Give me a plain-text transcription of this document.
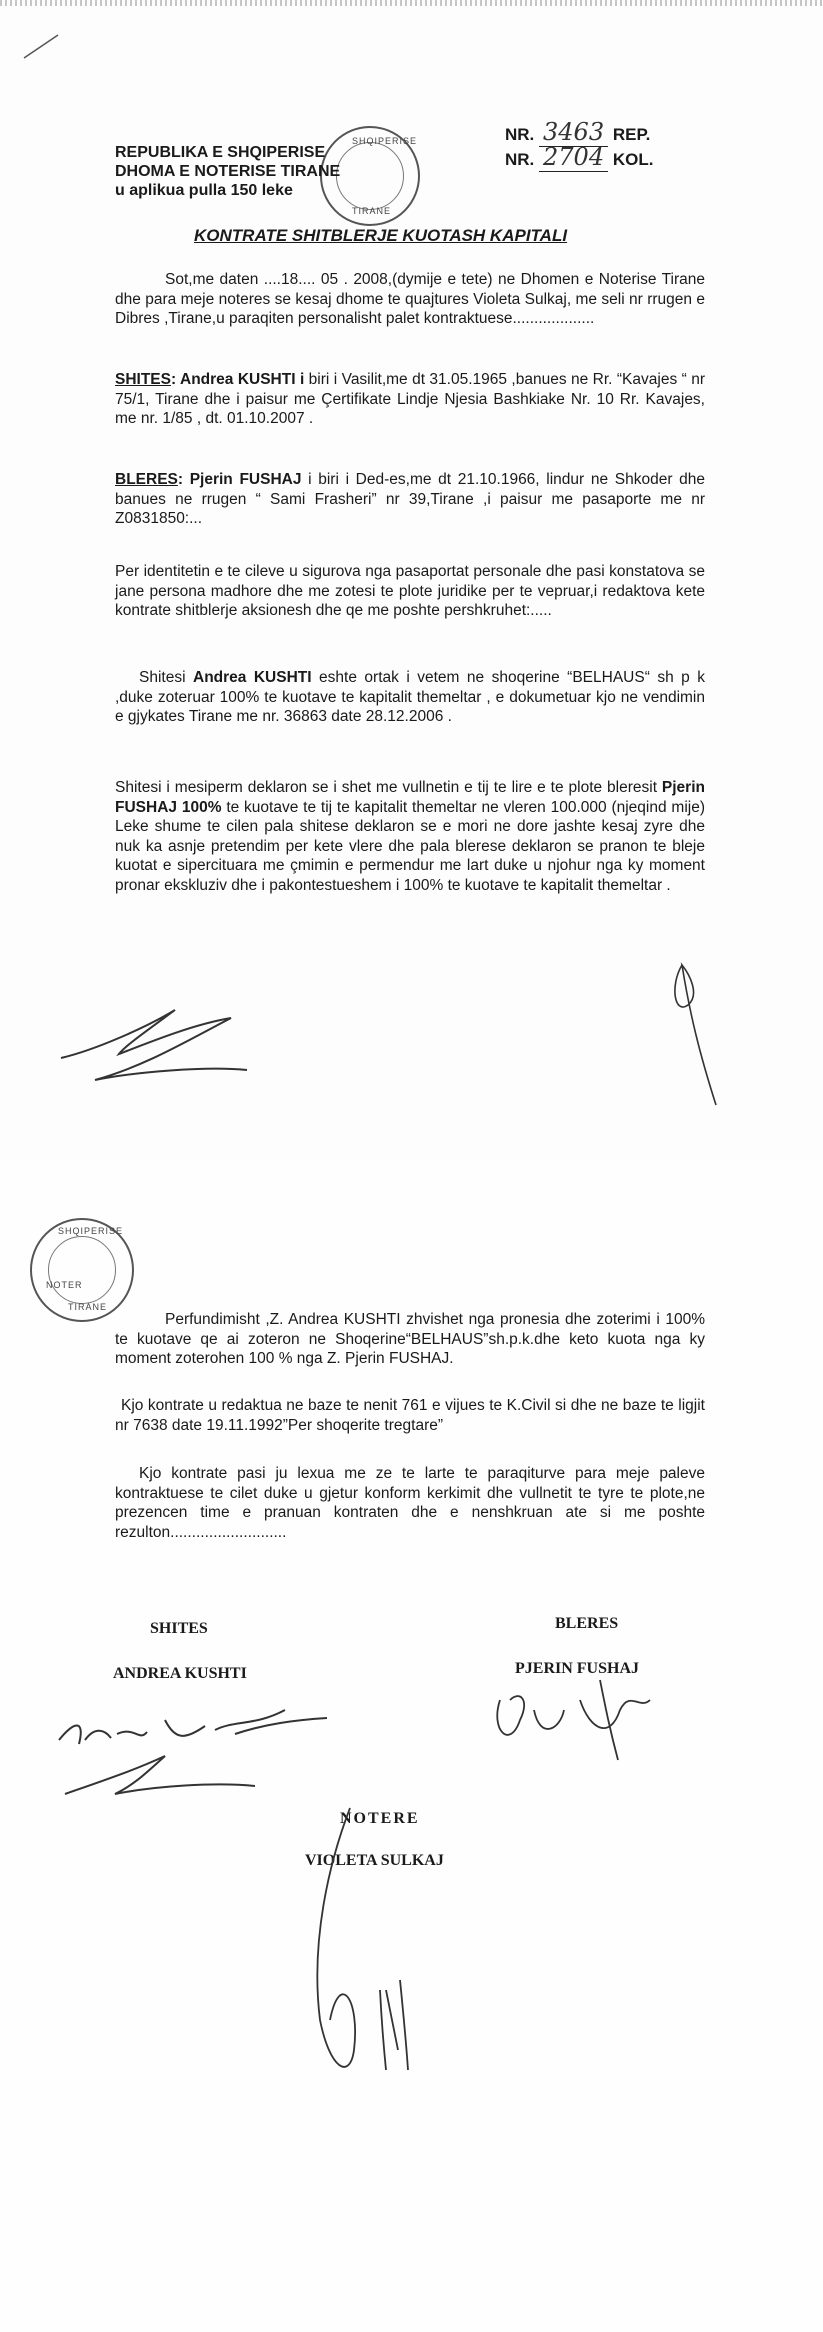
SHQIPERISE
TIRANE
REPUBLIKA E SHQIPERISE
DHOMA E NOTERISE TIRANE
u aplikua pulla 150 leke
NR. 3463 REP.
NR. 2704 KOL.
KONTRATE SHITBLERJE KUOTASH KAPITALI
Sot,me daten ....18.... 05 . 2008,(dymije e tete) ne Dhomen e Noterise Tirane dhe para meje noteres se kesaj dhome te quajtures Violeta Sulkaj, me seli nr rrugen e Dibres ,Tirane,u paraqiten personalisht palet kontraktuese...................
SHITES: Andrea KUSHTI i biri i Vasilit,me dt 31.05.1965 ,banues ne Rr. “Kavajes “ nr 75/1, Tirane dhe i paisur me Çertifikate Lindje Njesia Bashkiake Nr. 10 Rr. Kavajes, me nr. 1/85 , dt. 01.10.2007 .
BLERES: Pjerin FUSHAJ i biri i Ded-es,me dt 21.10.1966, lindur ne Shkoder dhe banues ne rrugen “ Sami Frasheri” nr 39,Tirane ,i paisur me pasaporte me nr Z0831850:...
Per identitetin e te cileve u sigurova nga pasaportat personale dhe pasi konstatova se jane persona madhore dhe me zotesi te plote juridike per te vepruar,i redaktova kete kontrate shitblerje aksionesh dhe qe me poshte pershkruhet:.....
Shitesi Andrea KUSHTI eshte ortak i vetem ne shoqerine “BELHAUS“ sh p k ,duke zoteruar 100% te kuotave te kapitalit themeltar , e dokumetuar kjo ne vendimin e gjykates Tirane me nr. 36863 date 28.12.2006 .
Shitesi i mesiperm deklaron se i shet me vullnetin e tij te lire e te plote bleresit Pjerin FUSHAJ 100% te kuotave te tij te kapitalit themeltar ne vleren 100.000 (njeqind mije) Leke shume te cilen pala shitese deklaron se e mori ne dore jashte kesaj zyre dhe nuk ka asnje pretendim per kete vlere dhe pala bleresе deklaron se pranon te bleje kuotat e sipercituara me çmimin e permendur me lart duke u njohur nga ky moment pronar ekskluziv dhe i pakontestueshem i 100% te kuotave te kapitalit themeltar .
SHQIPERISE
NOTER
TIRANE
Perfundimisht ,Z. Andrea KUSHTI zhvishet nga pronesia dhe zoterimi i 100% te kuotave qe ai zoteron ne Shoqerine“BELHAUS”sh.p.k.dhe keto kuota nga ky moment zoterohen 100 % nga Z. Pjerin FUSHAJ.
Kjo kontrate u redaktua ne baze te nenit 761 e vijues te K.Civil si dhe ne baze te ligjit nr 7638 date 19.11.1992”Per shoqerite tregtare”
Kjo kontrate pasi ju lexua me ze te larte te paraqiturve para meje paleve kontraktuese te cilet duke u gjetur konform kerkimit dhe vullnetit te tyre te plote,ne prezencen time e pranuan kontraten dhe e nenshkruan ate si me poshte rezulton...........................
SHITES
ANDREA KUSHTI
BLERES
PJERIN FUSHAJ
NOTERE
VIOLETA SULKAJ
